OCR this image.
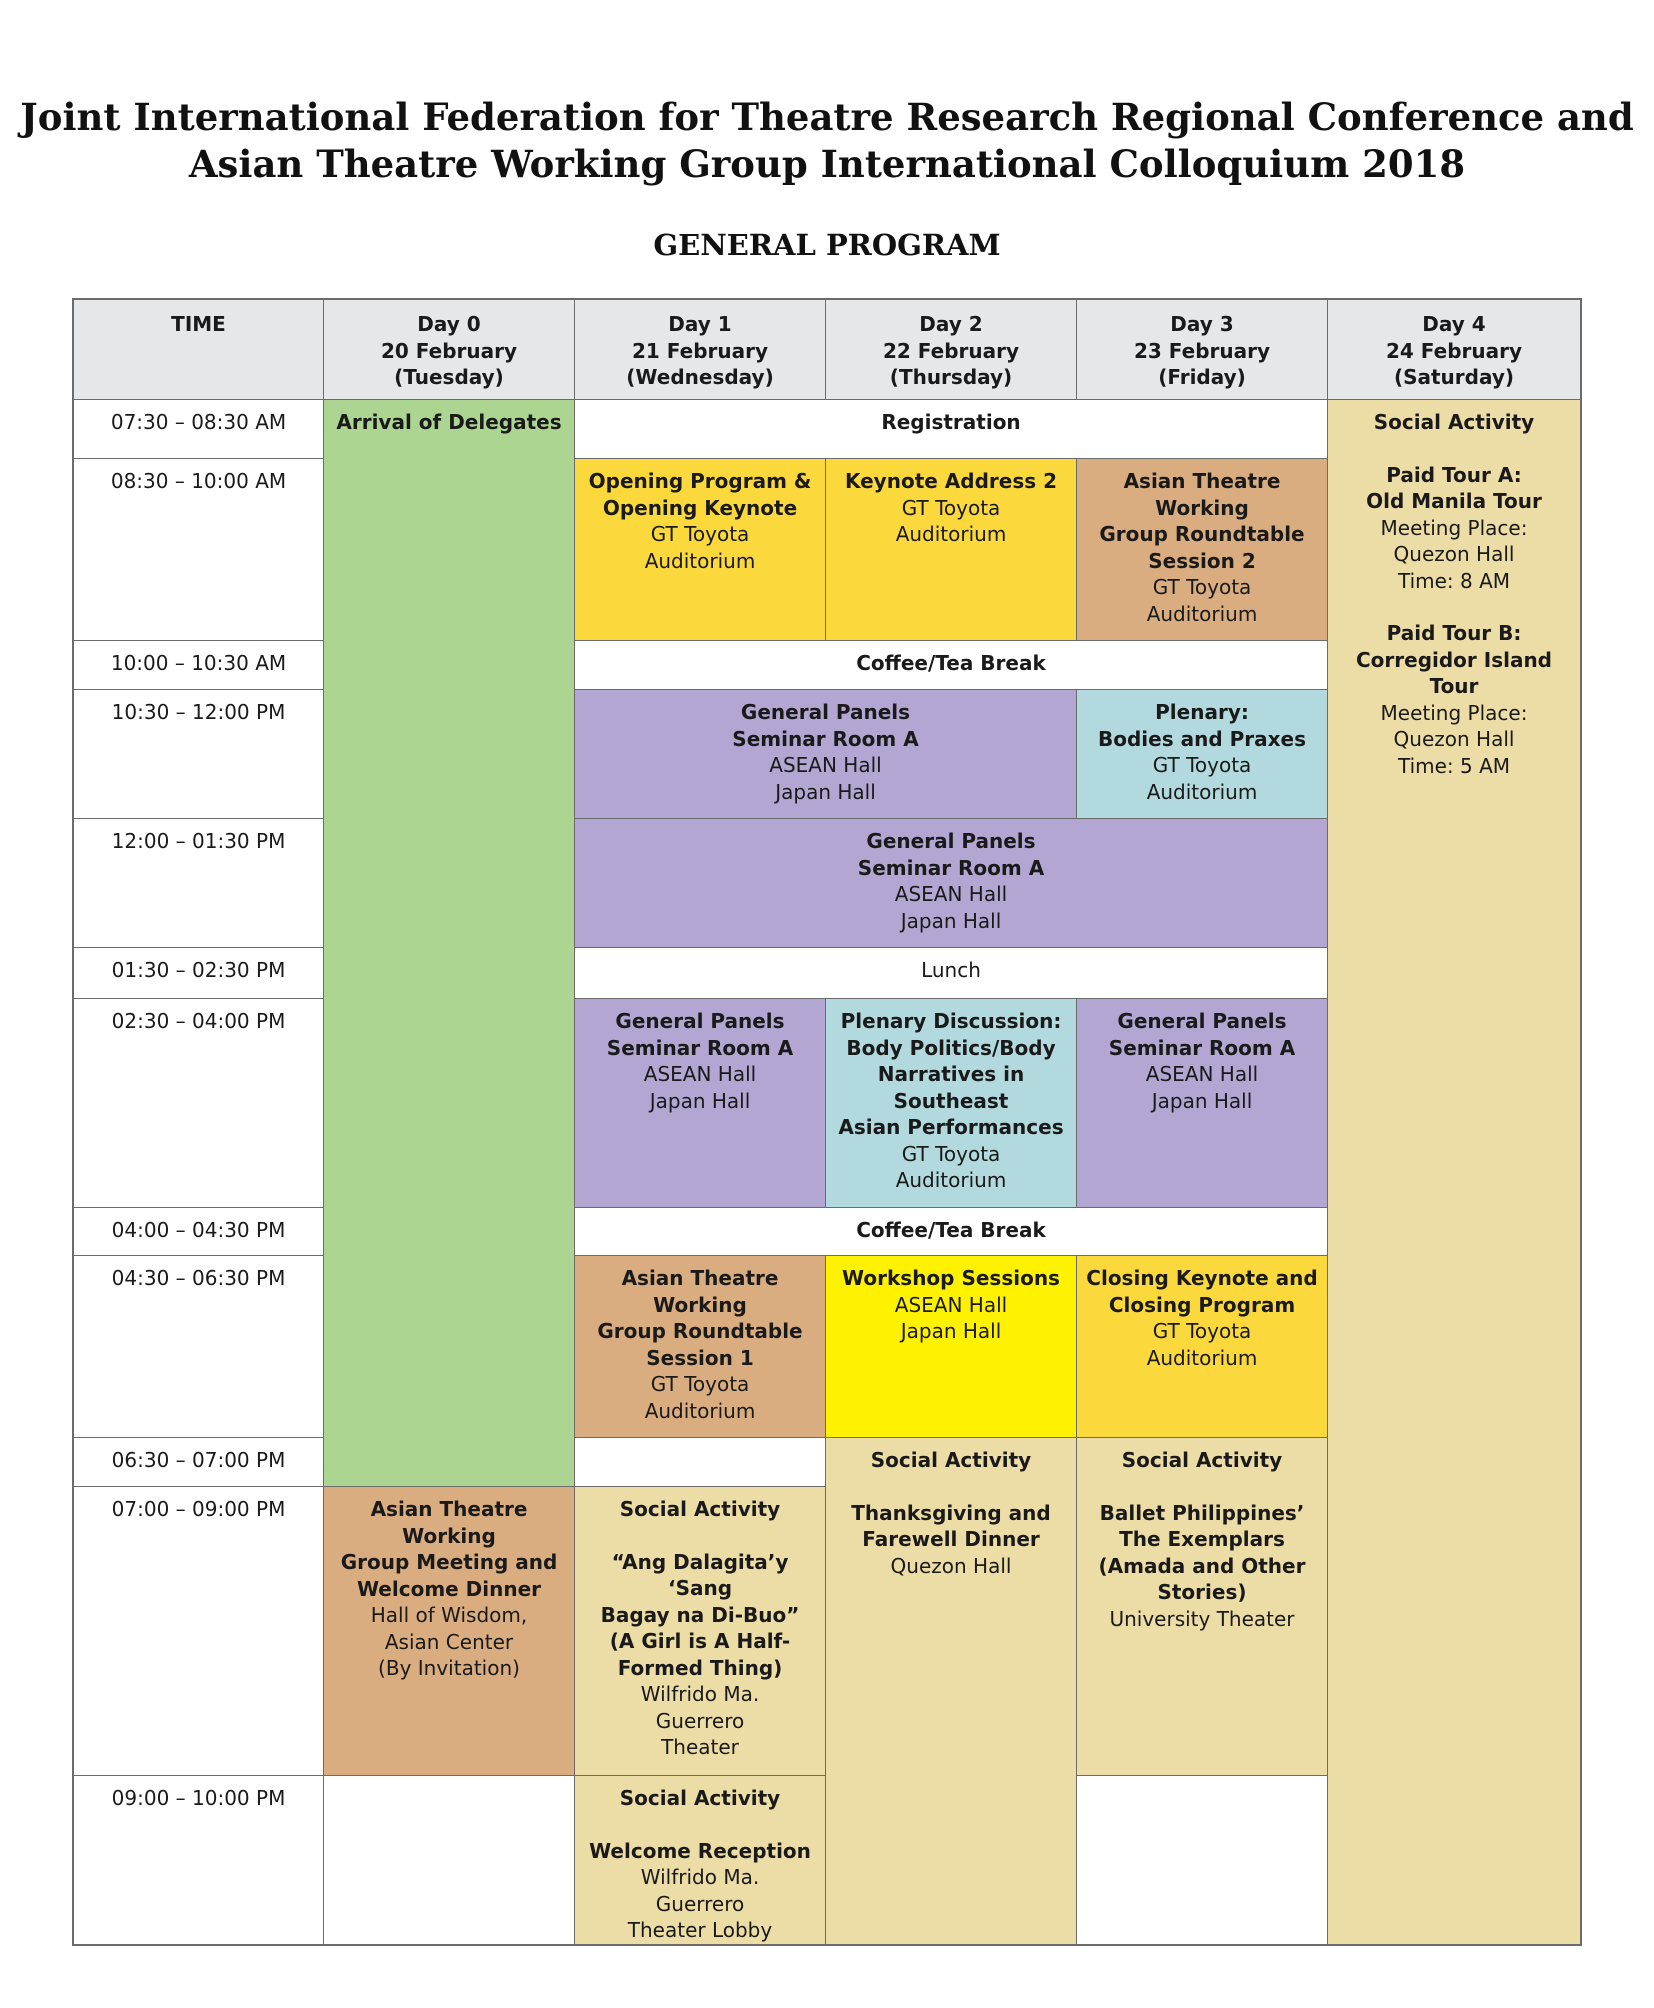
Joint International Federation for Theatre Research Regional Conference and
Asian Theatre Working Group International Colloquium 2018
GENERAL PROGRAM
TIME	Day 0
20 February
(Tuesday)
Day 1
21 February
(Wednesday)
Day 2
22 February
(Thursday)
Day 3
23 February
(Friday)
Day 4
24 February
(Saturday)
07:30 – 08:30 AM
08:30 – 10:00 AM
10:00 – 10:30 AM
10:30 – 12:00 PM
12:00 – 01:30 PM
01:30 – 02:30 PM
02:30 – 04:00 PM
04:00 – 04:30 PM
04:30 – 06:30 PM
06:30 – 07:00 PM
07:00 – 09:00 PM
09:00 – 10:00 PM
Arrival of Delegates
Asian Theatre
Working
Group Meeting and
Welcome Dinner
Hall of Wisdom,
Asian Center
(By Invitation)
Registration
Opening Program &
Opening Keynote
GT Toyota
Auditorium
Keynote Address 2
GT Toyota
Auditorium
Asian Theatre
Working
Group Roundtable
Session 2
GT Toyota
Auditorium
Coffee/Tea Break
General Panels
Seminar Room A
ASEAN Hall
Japan Hall
Plenary:
Bodies and Praxes
GT Toyota
Auditorium
General Panels
Seminar Room A
ASEAN Hall
Japan Hall
Lunch
General Panels
Seminar Room A
ASEAN Hall
Japan Hall
Plenary Discussion:
Body Politics/Body
Narratives in
Southeast
Asian Performances
GT Toyota
Auditorium
General Panels
Seminar Room A
ASEAN Hall
Japan Hall
Coffee/Tea Break
Asian Theatre
Working
Group Roundtable
Session 1
GT Toyota
Auditorium
Workshop Sessions
ASEAN Hall
Japan Hall
Closing Keynote and
Closing Program
GT Toyota
Auditorium
Social Activity
“Ang Dalagita’y
‘Sang
Bagay na Di-Buo”
(A Girl is A Half-
Formed Thing)
Wilfrido Ma.
Guerrero
Theater
Social Activity
Welcome Reception
Wilfrido Ma.
Guerrero
Theater Lobby
Social Activity
Thanksgiving and
Farewell Dinner
Quezon Hall
Social Activity
Ballet Philippines’
The Exemplars
(Amada and Other
Stories)
University Theater
Social Activity
Paid Tour A:
Old Manila Tour
Meeting Place:
Quezon Hall
Time: 8 AM
Paid Tour B:
Corregidor Island
Tour
Meeting Place:
Quezon Hall
Time: 5 AM
